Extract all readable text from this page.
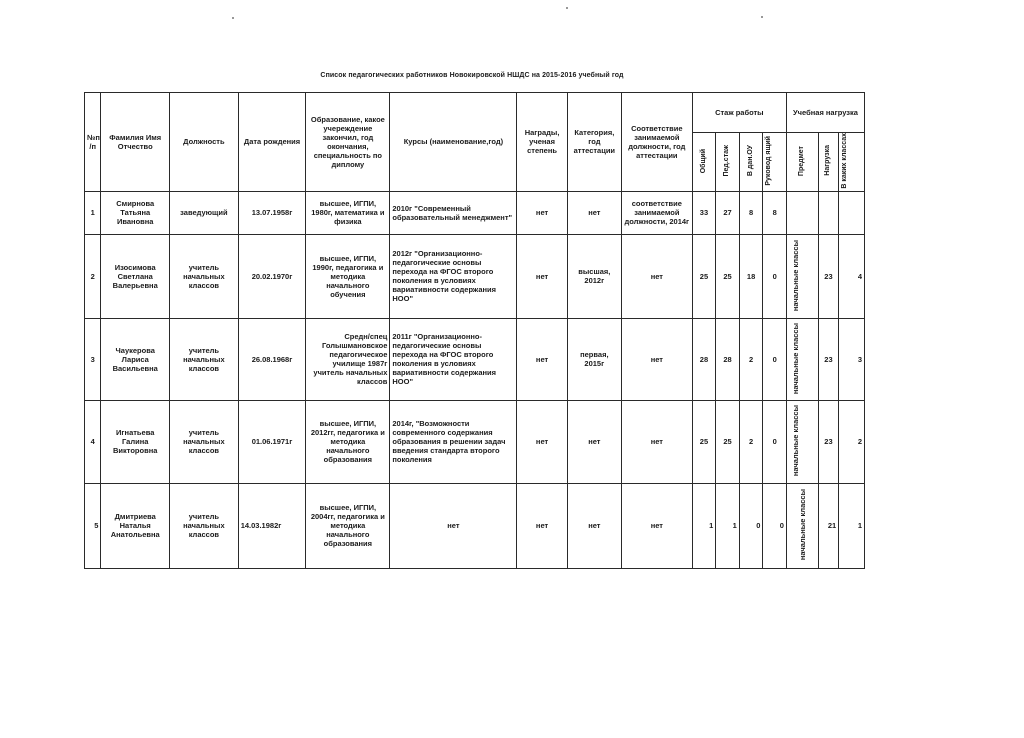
Список педагогических работников Новокировской НШДС на 2015-2016 учебный год
№п /п	Фамилия Имя Отчество	Должность	Дата рождения	Образование, какое учереждение закончил, год окончания, специальность по диплому	Курсы (наименование,год)	Награды, ученая степень	Категория, год аттестации	Соответствие занимаемой должности, год аттестации	Стаж работы				Учебная нагрузка		
									Общий	Пед.стаж	В дан.ОУ	Руковод ящий	Предмет	Нагрузка	В каких классах
1	Смирнова Татьяна Ивановна	заведующий	13.07.1958г	высшее, ИГПИ, 1980г, математика и физика	2010г "Современный образовательный менеджмент"	нет	нет	соответствие занимаемой должности, 2014г	33	27	8	8			
2	Изосимова Светлана Валерьевна	учитель начальных классов	20.02.1970г	высшее, ИГПИ, 1990г, педагогика и методика начального обучения	2012г "Организационно-педагогические основы перехода на ФГОС второго поколения в условиях вариативности содержания НОО"	нет	высшая, 2012г	нет	25	25	18	0	начальные классы	23	4
3	Чаукерова Лариса Васильевна	учитель начальных классов	26.08.1968г	Средн/спец Голышмановское педагогическое училище 1987г учитель начальных классов	2011г "Организационно-педагогические основы перехода на ФГОС второго поколения в условиях вариативности содержания НОО"	нет	первая, 2015г	нет	28	28	2	0	начальные классы	23	3
4	Игнатьева Галина Викторовна	учитель начальных классов	01.06.1971г	высшее, ИГПИ, 2012гг, педагогика и методика начального образования	2014г, "Возможности современного содержания образования в решении задач введения стандарта второго поколения	нет	нет	нет	25	25	2	0	начальные классы	23	2
5	Дмитриева Наталья Анатольевна	учитель начальных классов	14.03.1982г	высшее, ИГПИ, 2004гг, педагогика и методика начального образования	нет	нет	нет	нет	1	1	0	0	начальные классы	21	1
